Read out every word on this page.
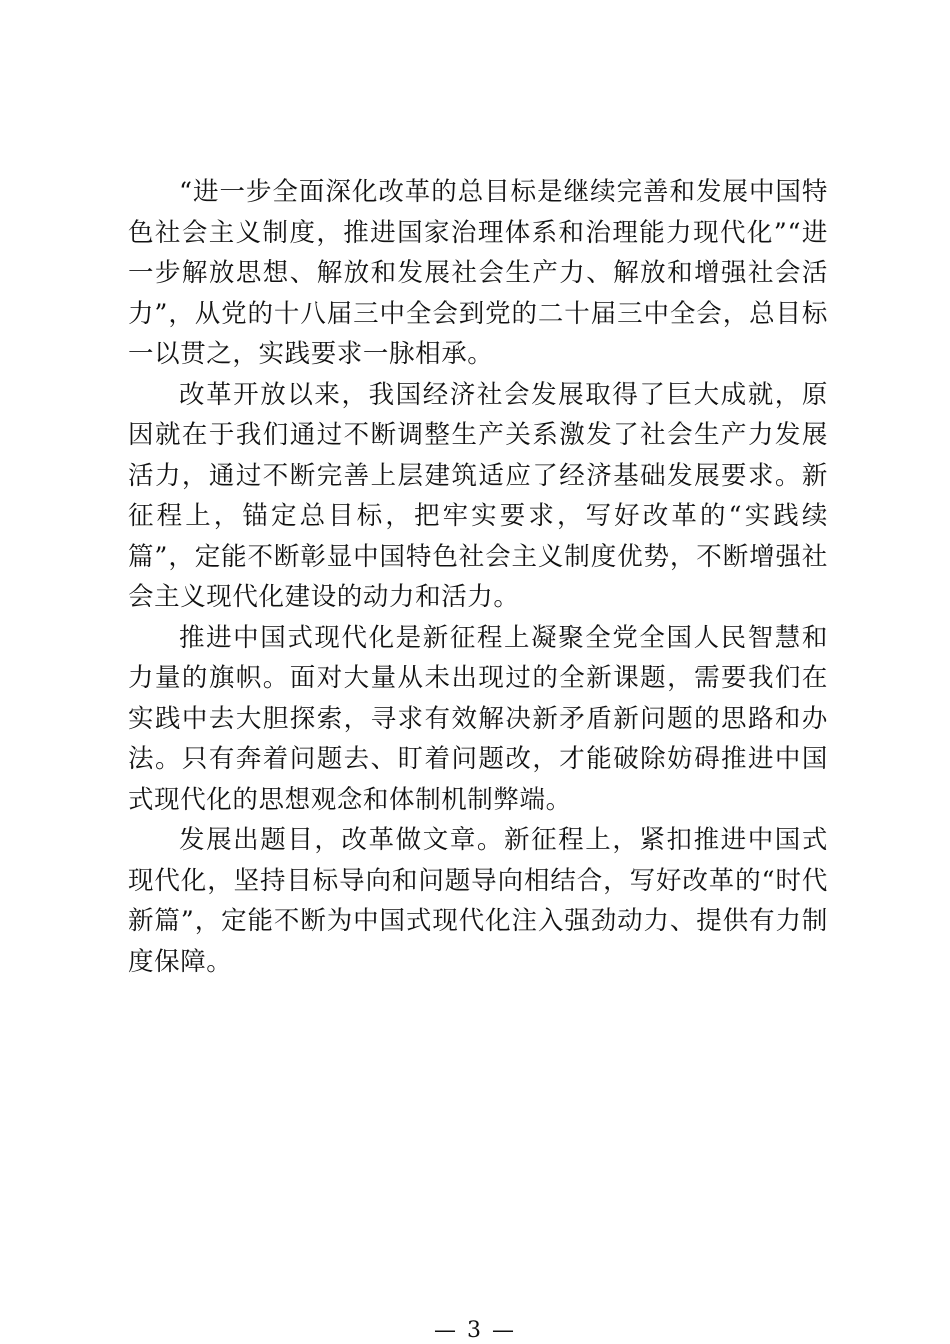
“进一步全面深化改革的总目标是继续完善和发展中国特色社会主义制度，推进国家治理体系和治理能力现代化”“进一步解放思想、解放和发展社会生产力、解放和增强社会活力”，从党的十八届三中全会到党的二十届三中全会，总目标一以贯之，实践要求一脉相承。

改革开放以来，我国经济社会发展取得了巨大成就，原因就在于我们通过不断调整生产关系激发了社会生产力发展活力，通过不断完善上层建筑适应了经济基础发展要求。新征程上，锚定总目标，把牢实要求，写好改革的“实践续篇”，定能不断彰显中国特色社会主义制度优势，不断增强社会主义现代化建设的动力和活力。

推进中国式现代化是新征程上凝聚全党全国人民智慧和力量的旗帜。面对大量从未出现过的全新课题，需要我们在实践中去大胆探索，寻求有效解决新矛盾新问题的思路和办法。只有奔着问题去、盯着问题改，才能破除妨碍推进中国式现代化的思想观念和体制机制弊端。

发展出题目，改革做文章。新征程上，紧扣推进中国式现代化，坚持目标导向和问题导向相结合，写好改革的“时代新篇”，定能不断为中国式现代化注入强劲动力、提供有力制度保障。

— 3 —
